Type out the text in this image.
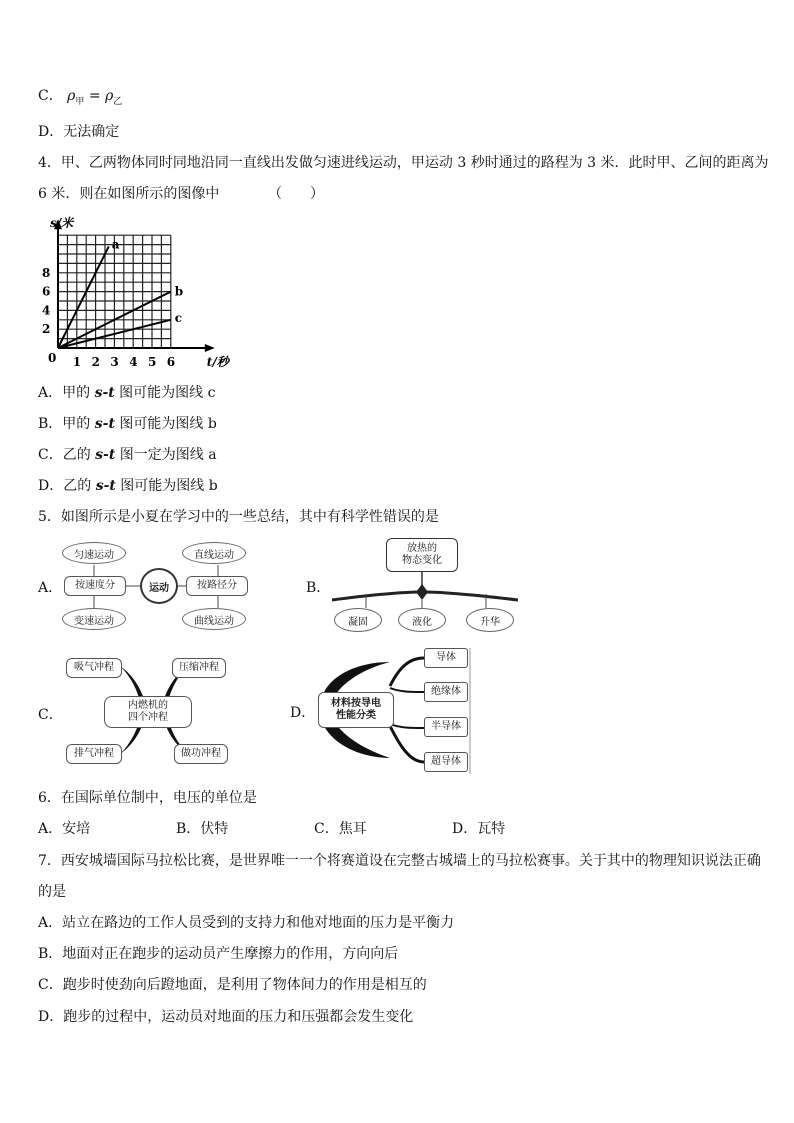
C． $\rho_甲 = \rho_乙$
D．无法确定
4．甲、乙两物体同时同地沿同一直线出发做匀速进线运动，甲运动 3 秒时通过的路程为 3 米．此时甲、乙间的距离为
6 米．则在如图所示的图像中	（　　）
s/米
t/秒
0
2
4
6
8
1 2 3 4 5 6
a
b
c
A．甲的 s-t 图可能为图线 c
B．甲的 s-t 图可能为图线 b
C．乙的 s-t 图一定为图线 a
D．乙的 s-t 图可能为图线 b
5．如图所示是小夏在学习中的一些总结，其中有科学性错误的是
A．
匀速运动
变速运动
按速度分	运动	按路径分
直线运动
曲线运动
B．
放热的
物态变化
凝固	液化	升华
C．
吸气冲程
排气冲程
内燃机的
四个冲程
压缩冲程
做功冲程
D．
材料按导电
性能分类
导体
绝缘体
半导体
超导体
6．在国际单位制中，电压的单位是
A．安培	B．伏特	C．焦耳	D．瓦特
7．西安城墙国际马拉松比赛，是世界唯一一个将赛道设在完整古城墙上的马拉松赛事。关于其中的物理知识说法正确
的是
A．站立在路边的工作人员受到的支持力和他对地面的压力是平衡力
B．地面对正在跑步的运动员产生摩擦力的作用，方向向后
C．跑步时使劲向后蹬地面，是利用了物体间力的作用是相互的
D．跑步的过程中，运动员对地面的压力和压强都会发生变化
